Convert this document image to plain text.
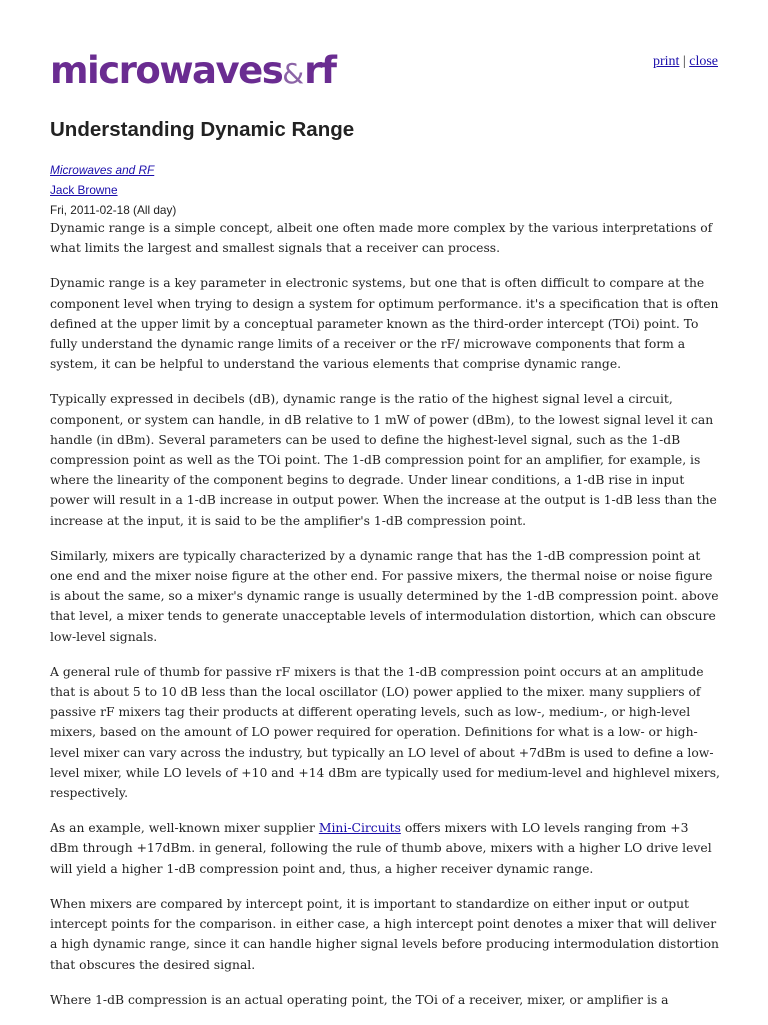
microwaves&rf	print | close
Understanding Dynamic Range
Microwaves and RF
Jack Browne
Fri, 2011-02-18 (All day)

Dynamic range is a simple concept, albeit one often made more complex by the various interpretations of what limits the largest and smallest signals that a receiver can process.

Dynamic range is a key parameter in electronic systems, but one that is often difficult to compare at the component level when trying to design a system for optimum performance. it's a specification that is often defined at the upper limit by a conceptual parameter known as the third-order intercept (TOi) point. To fully understand the dynamic range limits of a receiver or the rF/ microwave components that form a system, it can be helpful to understand the various elements that comprise dynamic range.

Typically expressed in decibels (dB), dynamic range is the ratio of the highest signal level a circuit, component, or system can handle, in dB relative to 1 mW of power (dBm), to the lowest signal level it can handle (in dBm). Several parameters can be used to define the highest-level signal, such as the 1-dB compression point as well as the TOi point. The 1-dB compression point for an amplifier, for example, is where the linearity of the component begins to degrade. Under linear conditions, a 1-dB rise in input power will result in a 1-dB increase in output power. When the increase at the output is 1-dB less than the increase at the input, it is said to be the amplifier's 1-dB compression point.

Similarly, mixers are typically characterized by a dynamic range that has the 1-dB compression point at one end and the mixer noise figure at the other end. For passive mixers, the thermal noise or noise figure is about the same, so a mixer's dynamic range is usually determined by the 1-dB compression point. above that level, a mixer tends to generate unacceptable levels of intermodulation distortion, which can obscure low-level signals.

A general rule of thumb for passive rF mixers is that the 1-dB compression point occurs at an amplitude that is about 5 to 10 dB less than the local oscillator (LO) power applied to the mixer. many suppliers of passive rF mixers tag their products at different operating levels, such as low-, medium-, or high-level mixers, based on the amount of LO power required for operation. Definitions for what is a low- or high-level mixer can vary across the industry, but typically an LO level of about +7dBm is used to define a low-level mixer, while LO levels of +10 and +14 dBm are typically used for medium-level and highlevel mixers, respectively.

As an example, well-known mixer supplier Mini-Circuits offers mixers with LO levels ranging from +3 dBm through +17dBm. in general, following the rule of thumb above, mixers with a higher LO drive level will yield a higher 1-dB compression point and, thus, a higher receiver dynamic range.

When mixers are compared by intercept point, it is important to standardize on either input or output intercept points for the comparison. in either case, a high intercept point denotes a mixer that will deliver a high dynamic range, since it can handle higher signal levels before producing intermodulation distortion that obscures the desired signal.

Where 1-dB compression is an actual operating point, the TOi of a receiver, mixer, or amplifier is a
